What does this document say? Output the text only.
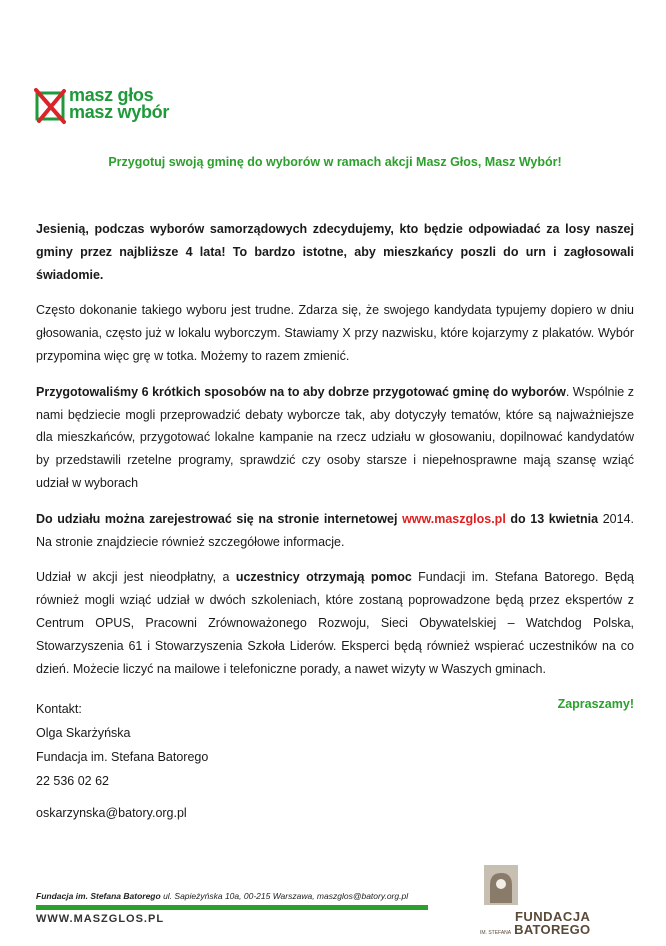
masz głos
masz wybór
Przygotuj swoją gminę do wyborów w ramach akcji Masz Głos, Masz Wybór!

Jesienią, podczas wyborów samorządowych zdecydujemy, kto będzie odpowiadać za losy naszej gminy przez najbliższe 4 lata! To bardzo istotne, aby mieszkańcy poszli do urn i zagłosowali świadomie.

Często dokonanie takiego wyboru jest trudne. Zdarza się, że swojego kandydata typujemy dopiero w dniu głosowania, często już w lokalu wyborczym. Stawiamy X przy nazwisku, które kojarzymy z plakatów. Wybór przypomina więc grę w totka. Możemy to razem zmienić.

Przygotowaliśmy 6 krótkich sposobów na to aby dobrze przygotować gminę do wyborów. Wspólnie z nami będziecie mogli przeprowadzić debaty wyborcze tak, aby dotyczyły tematów, które są najważniejsze dla mieszkańców, przygotować lokalne kampanie na rzecz udziału w głosowaniu, dopilnować kandydatów by przedstawili rzetelne programy, sprawdzić czy osoby starsze i niepełnosprawne mają szansę wziąć udział w wyborach

Do udziału można zarejestrować się na stronie internetowej www.maszglos.pl do 13 kwietnia 2014. Na stronie znajdziecie również szczegółowe informacje.

Udział w akcji jest nieodpłatny, a uczestnicy otrzymają pomoc Fundacji im. Stefana Batorego. Będą również mogli wziąć udział w dwóch szkoleniach, które zostaną poprowadzone będą przez ekspertów z Centrum OPUS, Pracowni Zrównoważonego Rozwoju, Sieci Obywatelskiej – Watchdog Polska, Stowarzyszenia 61 i Stowarzyszenia Szkoła Liderów. Eksperci będą również wspierać uczestników na co dzień. Możecie liczyć na mailowe i telefoniczne porady, a nawet wizyty w Waszych gminach.

Zapraszamy!

Kontakt:
Olga Skarżyńska
Fundacja im. Stefana Batorego
22 536 02 62
oskarzynska@batory.org.pl
Fundacja im. Stefana Batorego ul. Sapieżyńska 10a, 00-215 Warszawa, maszglos@batory.org.pl
WWW.MASZGLOS.PL	FUNDACJA
IM. STEFANA BATOREGO
